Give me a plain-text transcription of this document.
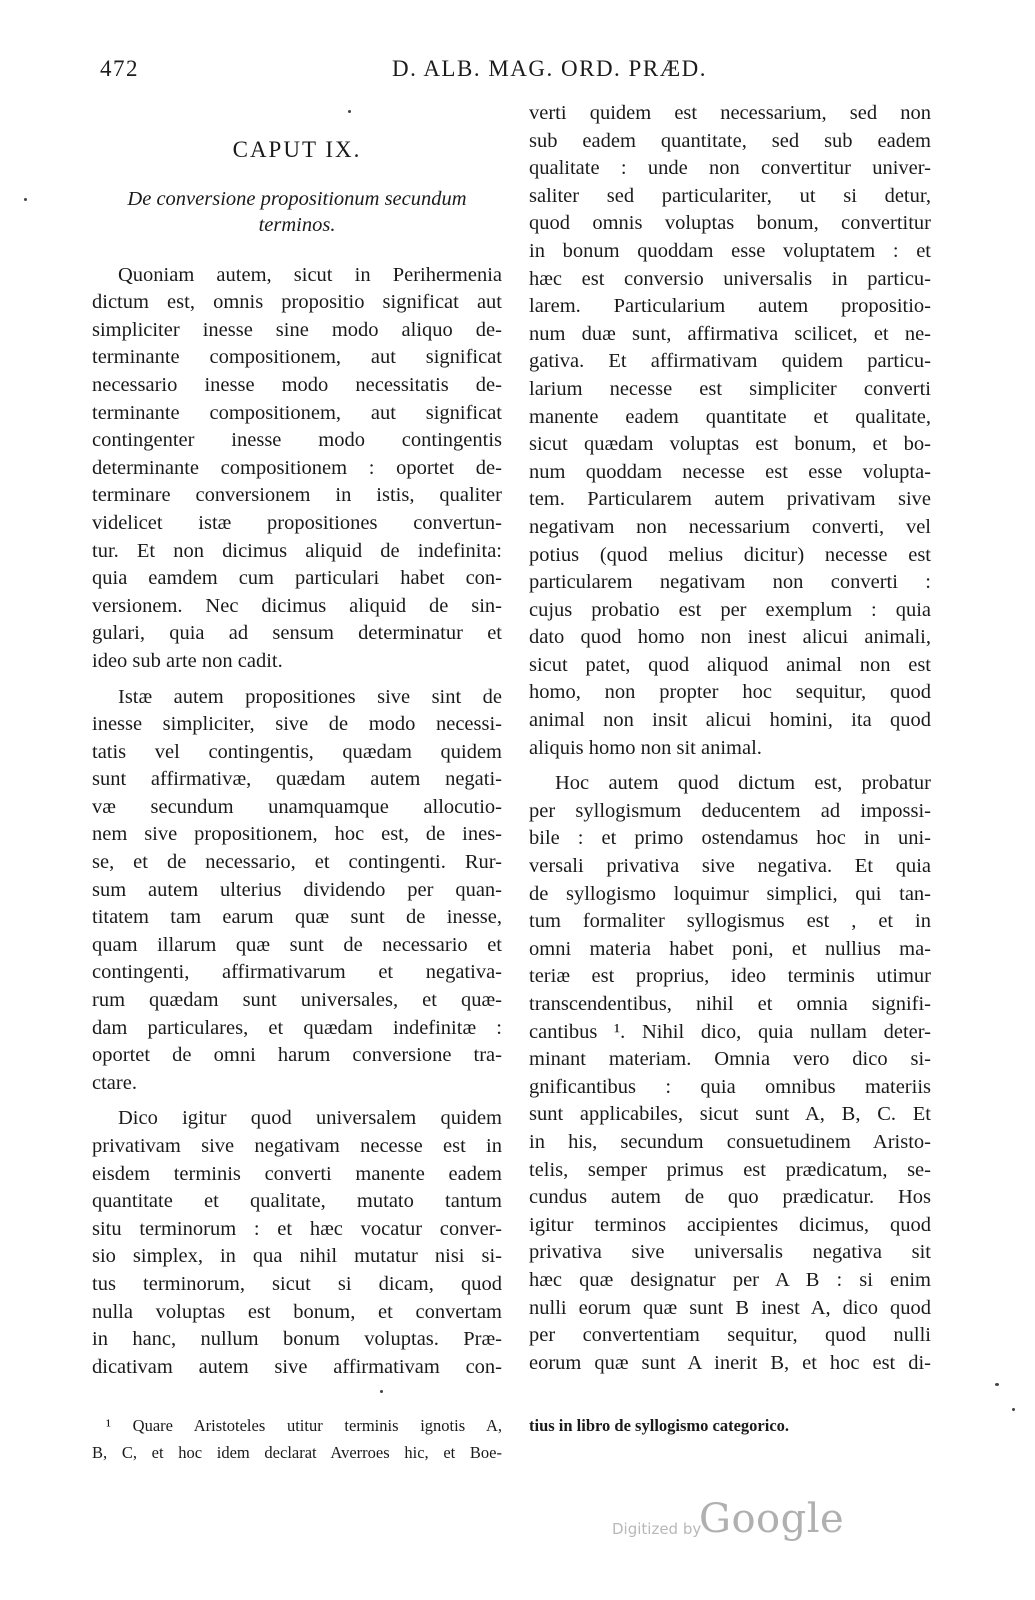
472	D. ALB. MAG. ORD. PRÆD.
CAPUT IX.
De conversione propositionum secundum
terminos.
Quoniam autem, sicut in Perihermenia
dictum est, omnis propositio significat aut
simpliciter inesse sine modo aliquo de-
terminante compositionem, aut significat
necessario inesse modo necessitatis de-
terminante compositionem, aut significat
contingenter inesse modo contingentis
determinante compositionem : oportet de-
terminare conversionem in istis, qualiter
videlicet istæ propositiones convertun-
tur. Et non dicimus aliquid de indefinita:
quia eamdem cum particulari habet con-
versionem. Nec dicimus aliquid de sin-
gulari, quia ad sensum determinatur et
ideo sub arte non cadit.
Istæ autem propositiones sive sint de
inesse simpliciter, sive de modo necessi-
tatis vel contingentis, quædam quidem
sunt affirmativæ, quædam autem negati-
væ secundum unamquamque allocutio-
nem sive propositionem, hoc est, de ines-
se, et de necessario, et contingenti. Rur-
sum autem ulterius dividendo per quan-
titatem tam earum quæ sunt de inesse,
quam illarum quæ sunt de necessario et
contingenti, affirmativarum et negativa-
rum quædam sunt universales, et quæ-
dam particulares, et quædam indefinitæ :
oportet de omni harum conversione tra-
ctare.
Dico igitur quod universalem quidem
privativam sive negativam necesse est in
eisdem terminis converti manente eadem
quantitate et qualitate, mutato tantum
situ terminorum : et hæc vocatur conver-
sio simplex, in qua nihil mutatur nisi si-
tus terminorum, sicut si dicam, quod
nulla voluptas est bonum, et convertam
in hanc, nullum bonum voluptas. Præ-
dicativam autem sive affirmativam con-
verti quidem est necessarium, sed non
sub eadem quantitate, sed sub eadem
qualitate : unde non convertitur univer-
saliter sed particulariter, ut si detur,
quod omnis voluptas bonum, convertitur
in bonum quoddam esse voluptatem : et
hæc est conversio universalis in particu-
larem. Particularium autem propositio-
num duæ sunt, affirmativa scilicet, et ne-
gativa. Et affirmativam quidem particu-
larium necesse est simpliciter converti
manente eadem quantitate et qualitate,
sicut quædam voluptas est bonum, et bo-
num quoddam necesse est esse volupta-
tem. Particularem autem privativam sive
negativam non necessarium converti, vel
potius (quod melius dicitur) necesse est
particularem negativam non converti :
cujus probatio est per exemplum : quia
dato quod homo non inest alicui animali,
sicut patet, quod aliquod animal non est
homo, non propter hoc sequitur, quod
animal non insit alicui homini, ita quod
aliquis homo non sit animal.
Hoc autem quod dictum est, probatur
per syllogismum deducentem ad impossi-
bile : et primo ostendamus hoc in uni-
versali privativa sive negativa. Et quia
de syllogismo loquimur simplici, qui tan-
tum formaliter syllogismus est , et in
omni materia habet poni, et nullius ma-
teriæ est proprius, ideo terminis utimur
transcendentibus, nihil et omnia signifi-
cantibus ¹. Nihil dico, quia nullam deter-
minant materiam. Omnia vero dico si-
gnificantibus : quia omnibus materiis
sunt applicabiles, sicut sunt A, B, C. Et
in his, secundum consuetudinem Aristo-
telis, semper primus est prædicatum, se-
cundus autem de quo prædicatur. Hos
igitur terminos accipientes dicimus, quod
privativa sive universalis negativa sit
hæc quæ designatur per A B : si enim
nulli eorum quæ sunt B inest A, dico quod
per convertentiam sequitur, quod nulli
eorum quæ sunt A inerit B, et hoc est di-
¹ Quare Aristoteles utitur terminis ignotis A,
B, C, et hoc idem declarat Averroes hic, et Boe-
tius in libro de syllogismo categorico.
Digitized by
Google
